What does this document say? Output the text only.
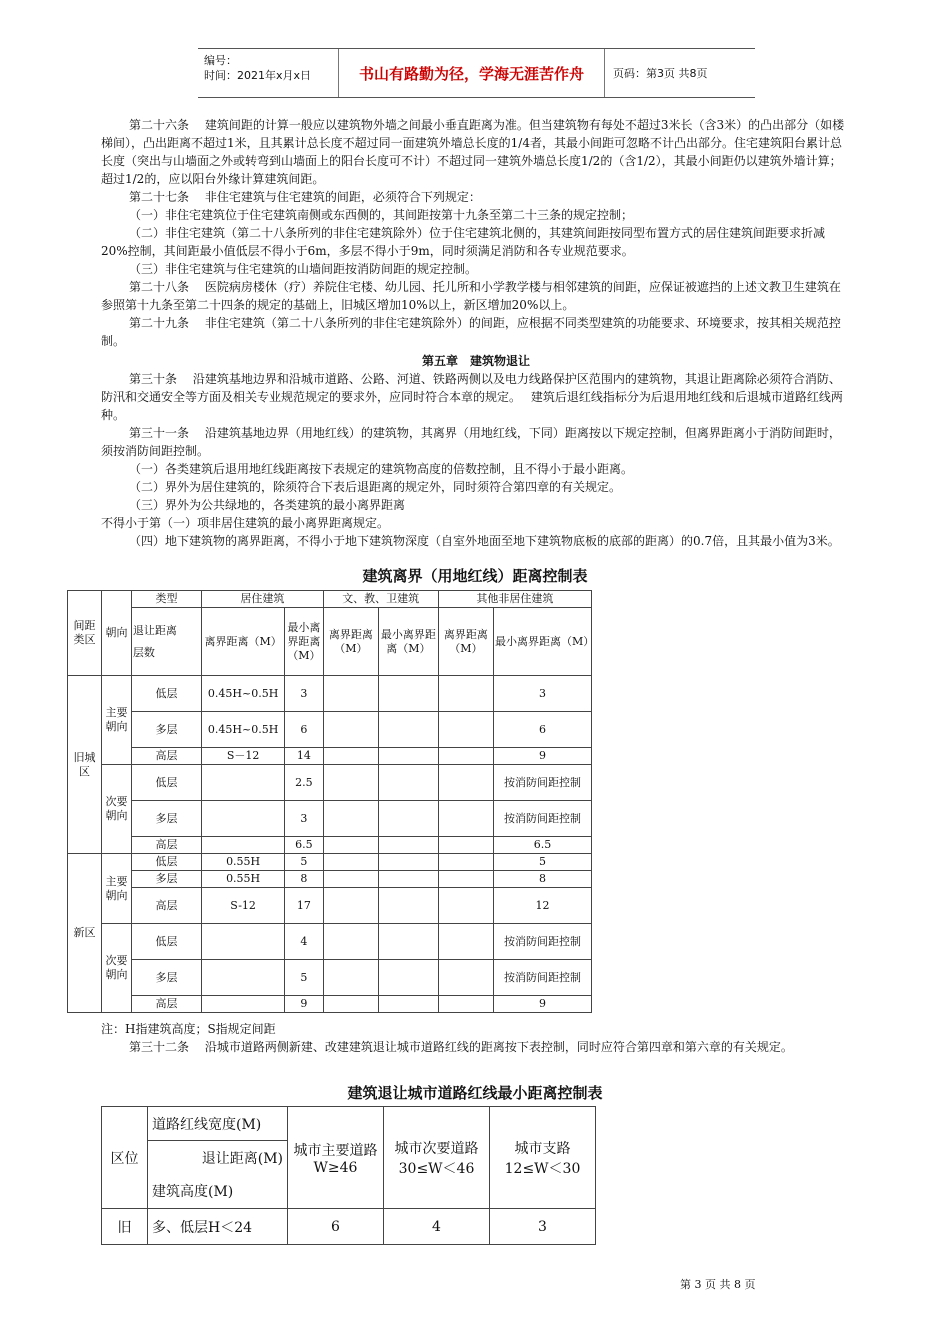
编号：
时间：2021年x月x日	书山有路勤为径，学海无涯苦作舟	页码：第3页 共8页

第二十六条　 建筑间距的计算一般应以建筑物外墙之间最小垂直距离为准。但当建筑物有每处不超过3米长（含3米）的凸出部分（如楼梯间），凸出距离不超过1米，且其累计总长度不超过同一面建筑外墙总长度的1/4者，其最小间距可忽略不计凸出部分。住宅建筑阳台累计总长度（突出与山墙面之外或转弯到山墙面上的阳台长度可不计）不超过同一建筑外墙总长度1/2的（含1/2），其最小间距仍以建筑外墙计算；超过1/2的，应以阳台外缘计算建筑间距。

第二十七条　 非住宅建筑与住宅建筑的间距，必须符合下列规定：

（一）非住宅建筑位于住宅建筑南侧或东西侧的，其间距按第十九条至第二十三条的规定控制；

（二）非住宅建筑（第二十八条所列的非住宅建筑除外）位于住宅建筑北侧的，其建筑间距按同型布置方式的居住建筑间距要求折减20%控制，其间距最小值低层不得小于6m，多层不得小于9m，同时须满足消防和各专业规范要求。

（三）非住宅建筑与住宅建筑的山墙间距按消防间距的规定控制。

第二十八条　 医院病房楼休（疗）养院住宅楼、幼儿园、托儿所和小学教学楼与相邻建筑的间距，应保证被遮挡的上述文教卫生建筑在参照第十九条至第二十四条的规定的基础上，旧城区增加10%以上，新区增加20%以上。

第二十九条　 非住宅建筑（第二十八条所列的非住宅建筑除外）的间距，应根据不同类型建筑的功能要求、环境要求，按其相关规范控制。

第五章　建筑物退让

第三十条　 沿建筑基地边界和沿城市道路、公路、河道、铁路两侧以及电力线路保护区范围内的建筑物，其退让距离除必须符合消防、防汛和交通安全等方面及相关专业规范规定的要求外，应同时符合本章的规定。　 建筑后退红线指标分为后退用地红线和后退城市道路红线两种。

第三十一条　 沿建筑基地边界（用地红线）的建筑物，其离界（用地红线，下同）距离按以下规定控制，但离界距离小于消防间距时，须按消防间距控制。

（一）各类建筑后退用地红线距离按下表规定的建筑物高度的倍数控制，且不得小于最小距离。

（二）界外为居住建筑的，除须符合下表后退距离的规定外，同时须符合第四章的有关规定。

（三）界外为公共绿地的，各类建筑的最小离界距离

不得小于第（一）项非居住建筑的最小离界距离规定。

（四）地下建筑物的离界距离，不得小于地下建筑物深度（自室外地面至地下建筑物底板的底部的距离）的0.7倍，且其最小值为3米。

建筑离界（用地红线）距离控制表
间距类区	朝向	类型	居住建筑		文、教、卫建筑		其他非居住建筑	

		退让距离
层数	离界距离（M）	最小离界距离（M）	离界距离（M）	最小离界距离（M）	离界距离（M）	最小离界距离（M）
旧城区	主要朝向	低层	0.45H~0.5H	3				3
		多层	0.45H~0.5H	6				6
		高层	S－12	14				9
	次要朝向	低层		2.5				按消防间距控制
		多层		3				按消防间距控制
		高层		6.5				6.5
新区	主要朝向	低层	0.55H	5				5
		多层	0.55H	8				8
		高层	S-12	17				12
	次要朝向	低层		4				按消防间距控制
		多层		5				按消防间距控制
		高层		9				9

注：H指建筑高度；S指规定间距

第三十二条　 沿城市道路两侧新建、改建建筑退让城市道路红线的距离按下表控制，同时应符合第四章和第六章的有关规定。

建筑退让城市道路红线最小距离控制表
区位	道路红线宽度(M)	城市主要道路W≥46	城市次要道路30≤W＜46	城市支路12≤W＜30
	退让距离(M)			
	建筑高度(M)			
旧	多、低层H＜24	6	4	3
第 3 页 共 8 页
